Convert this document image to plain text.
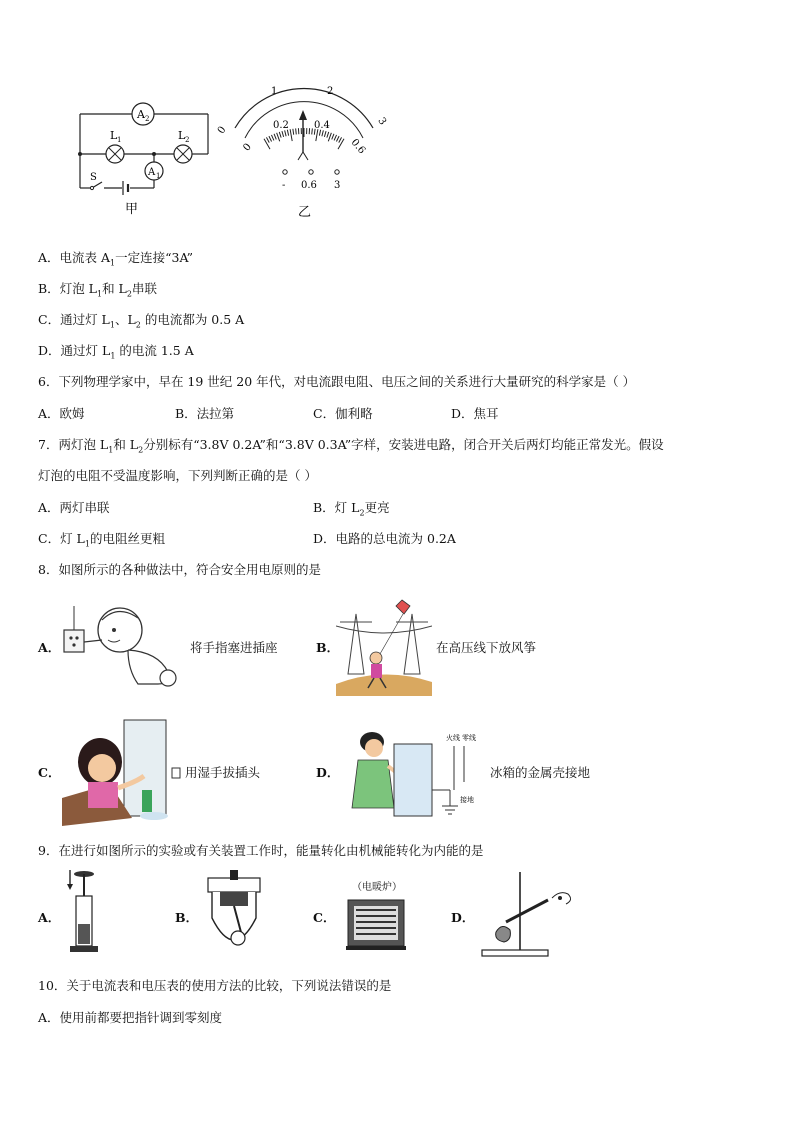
A 2
L 1	L 2
A 1
S
甲
0
1	2
3
0
0.2	0.4
0.6
- 0.6 3
乙
A．电流表 $A_1$一定连接“3A”
B．灯泡 $L_1$和 $L_2$串联
C．通过灯 $L_1$、$L_2$ 的电流都为 0.5 A
D．通过灯 $L_1$ 的电流 1.5 A
6．下列物理学家中，早在 19 世纪 20 年代，对电流跟电阻、电压之间的关系进行大量研究的科学家是（ ）
A．欧姆	B．法拉第	C．伽利略	D．焦耳
7．两灯泡 $L_1$和 $L_2$分别标有“3.8V 0.2A”和“3.8V 0.3A”字样，安装进电路，闭合开关后两灯均能正常发光。假设
灯泡的电阻不受温度影响，下列判断正确的是（ ）
A．两灯串联	B．灯 $L_2$更亮
C．灯 $L_1$的电阻丝更粗	D．电路的总电流为 0.2A
8．如图所示的各种做法中，符合安全用电原则的是
A．	将手指塞进插座	B．	在高压线下放风筝
C．	用湿手拔插头	D．
火线 零线
接地
冰箱的金属壳接地
9．在进行如图所示的实验或有关装置工作时，能量转化由机械能转化为内能的是
A．	B．	C．
（电暖炉）
D．
10．关于电流表和电压表的使用方法的比较，下列说法错误的是
A．使用前都要把指针调到零刻度
